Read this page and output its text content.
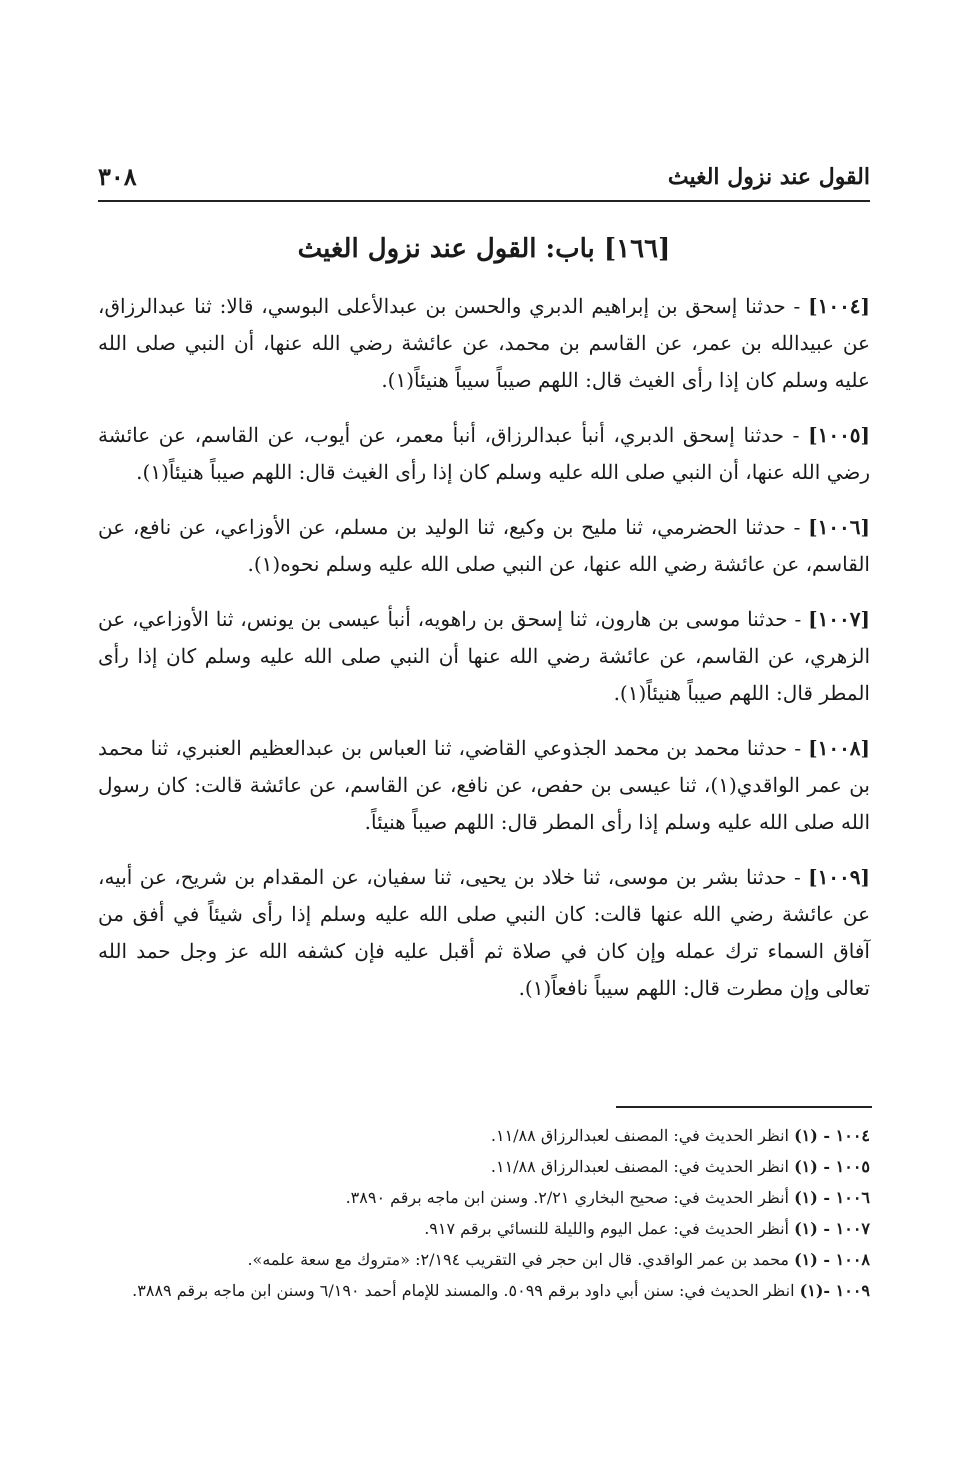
القول عند نزول الغيث
٣٠٨
[١٦٦] باب: القول عند نزول الغيث

[١٠٠٤] - حدثنا إسحق بن إبراهيم الدبري والحسن بن عبدالأعلى البوسي، قالا: ثنا عبدالرزاق، عن عبيدالله بن عمر، عن القاسم بن محمد، عن عائشة رضي الله عنها، أن النبي صلى الله عليه وسلم كان إذا رأى الغيث قال: اللهم صيباً سيباً هنيئاً(١).

[١٠٠٥] - حدثنا إسحق الدبري، أنبأ عبدالرزاق، أنبأ معمر، عن أيوب، عن القاسم، عن عائشة رضي الله عنها، أن النبي صلى الله عليه وسلم كان إذا رأى الغيث قال: اللهم صيباً هنيئاً(١).

[١٠٠٦] - حدثنا الحضرمي، ثنا مليح بن وكيع، ثنا الوليد بن مسلم، عن الأوزاعي، عن نافع، عن القاسم، عن عائشة رضي الله عنها، عن النبي صلى الله عليه وسلم نحوه(١).

[١٠٠٧] - حدثنا موسى بن هارون، ثنا إسحق بن راهويه، أنبأ عيسى بن يونس، ثنا الأوزاعي، عن الزهري، عن القاسم، عن عائشة رضي الله عنها أن النبي صلى الله عليه وسلم كان إذا رأى المطر قال: اللهم صيباً هنيئاً(١).

[١٠٠٨] - حدثنا محمد بن محمد الجذوعي القاضي، ثنا العباس بن عبدالعظيم العنبري، ثنا محمد بن عمر الواقدي(١)، ثنا عيسى بن حفص، عن نافع، عن القاسم، عن عائشة قالت: كان رسول الله صلى الله عليه وسلم إذا رأى المطر قال: اللهم صيباً هنيئاً.

[١٠٠٩] - حدثنا بشر بن موسى، ثنا خلاد بن يحيى، ثنا سفيان، عن المقدام بن شريح، عن أبيه، عن عائشة رضي الله عنها قالت: كان النبي صلى الله عليه وسلم إذا رأى شيئاً في أفق من آفاق السماء ترك عمله وإن كان في صلاة ثم أقبل عليه فإن كشفه الله عز وجل حمد الله تعالى وإن مطرت قال: اللهم سيباً نافعاً(١).

١٠٠٤ - (١) انظر الحديث في: المصنف لعبدالرزاق ١١/٨٨.

١٠٠٥ - (١) انظر الحديث في: المصنف لعبدالرزاق ١١/٨٨.

١٠٠٦ - (١) أنظر الحديث في: صحيح البخاري ٢/٢١. وسنن ابن ماجه برقم ٣٨٩٠.

١٠٠٧ - (١) أنظر الحديث في: عمل اليوم والليلة للنسائي برقم ٩١٧.

١٠٠٨ - (١) محمد بن عمر الواقدي. قال ابن حجر في التقريب ٢/١٩٤: «متروك مع سعة علمه».

١٠٠٩ -(١) انظر الحديث في: سنن أبي داود برقم ٥٠٩٩. والمسند للإمام أحمد ٦/١٩٠ وسنن ابن ماجه برقم ٣٨٨٩.
